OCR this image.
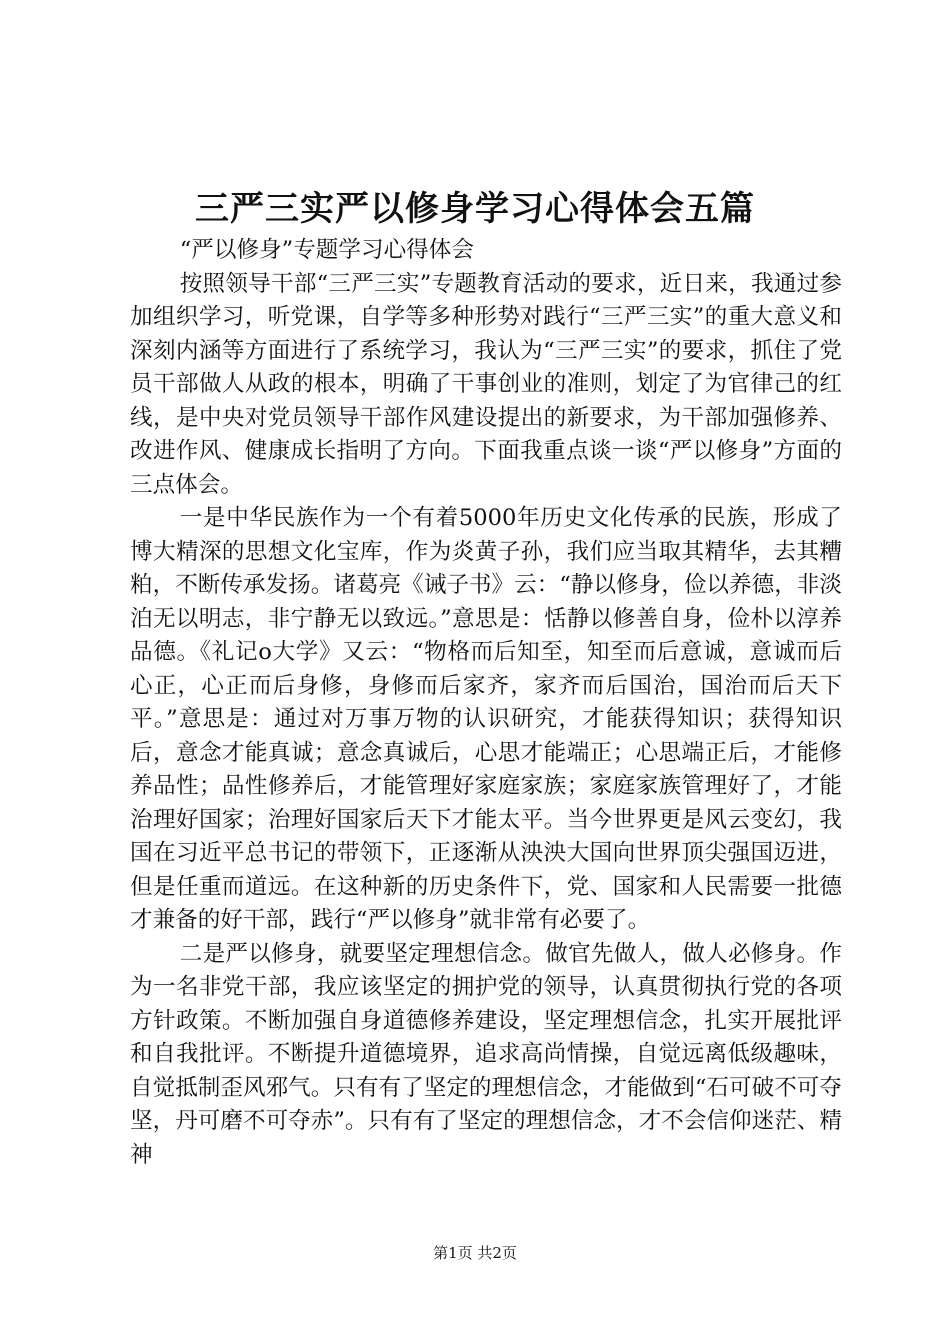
三严三实严以修身学习心得体会五篇

“严以修身”专题学习心得体会

按照领导干部“三严三实”专题教育活动的要求，近日来，我通过参加组织学习，听党课，自学等多种形势对践行“三严三实”的重大意义和深刻内涵等方面进行了系统学习，我认为“三严三实”的要求，抓住了党员干部做人从政的根本，明确了干事创业的准则，划定了为官律己的红线，是中央对党员领导干部作风建设提出的新要求，为干部加强修养、改进作风、健康成长指明了方向。下面我重点谈一谈“严以修身”方面的三点体会。

一是中华民族作为一个有着5000年历史文化传承的民族，形成了博大精深的思想文化宝库，作为炎黄子孙，我们应当取其精华，去其糟粕，不断传承发扬。诸葛亮《诫子书》云：“静以修身，俭以养德，非淡泊无以明志，非宁静无以致远。”意思是：恬静以修善自身，俭朴以淳养品德。《礼记o大学》又云：“物格而后知至，知至而后意诚，意诚而后心正，心正而后身修，身修而后家齐，家齐而后国治，国治而后天下平。”意思是：通过对万事万物的认识研究，才能获得知识；获得知识后，意念才能真诚；意念真诚后，心思才能端正；心思端正后，才能修养品性；品性修养后，才能管理好家庭家族；家庭家族管理好了，才能治理好国家；治理好国家后天下才能太平。当今世界更是风云变幻，我国在习近平总书记的带领下，正逐渐从泱泱大国向世界顶尖强国迈进，但是任重而道远。在这种新的历史条件下，党、国家和人民需要一批德才兼备的好干部，践行“严以修身”就非常有必要了。

二是严以修身，就要坚定理想信念。做官先做人，做人必修身。作为一名非党干部，我应该坚定的拥护党的领导，认真贯彻执行党的各项方针政策。不断加强自身道德修养建设，坚定理想信念，扎实开展批评和自我批评。不断提升道德境界，追求高尚情操，自觉远离低级趣味，自觉抵制歪风邪气。只有有了坚定的理想信念，才能做到“石可破不可夺坚，丹可磨不可夺赤”。只有有了坚定的理想信念，才不会信仰迷茫、精神

第1页 共2页
